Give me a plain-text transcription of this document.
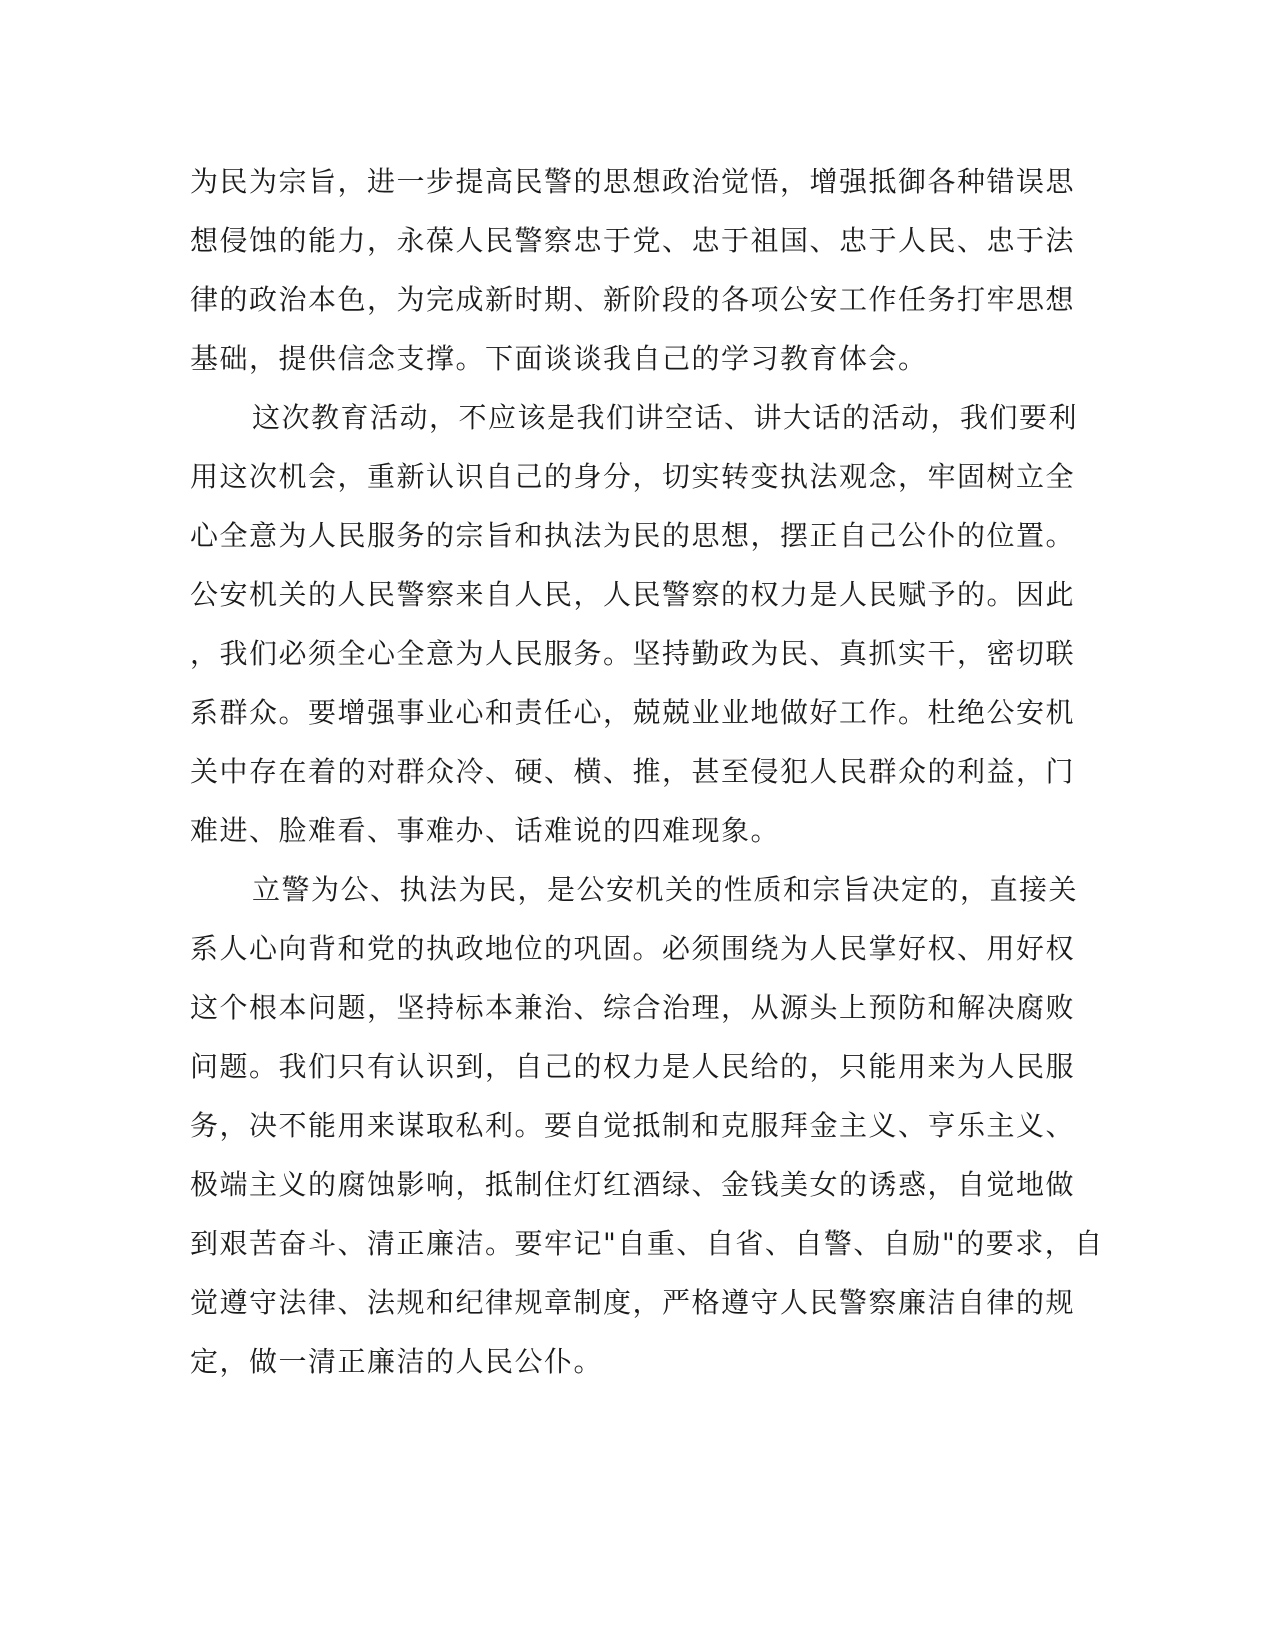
为民为宗旨，进一步提高民警的思想政治觉悟，增强抵御各种错误思
想侵蚀的能力，永葆人民警察忠于党、忠于祖国、忠于人民、忠于法
律的政治本色，为完成新时期、新阶段的各项公安工作任务打牢思想
基础，提供信念支撑。下面谈谈我自己的学习教育体会。
这次教育活动，不应该是我们讲空话、讲大话的活动，我们要利
用这次机会，重新认识自己的身分，切实转变执法观念，牢固树立全
心全意为人民服务的宗旨和执法为民的思想，摆正自己公仆的位置。
公安机关的人民警察来自人民，人民警察的权力是人民赋予的。因此
，我们必须全心全意为人民服务。坚持勤政为民、真抓实干，密切联
系群众。要增强事业心和责任心，兢兢业业地做好工作。杜绝公安机
关中存在着的对群众冷、硬、横、推，甚至侵犯人民群众的利益，门
难进、脸难看、事难办、话难说的四难现象。
立警为公、执法为民，是公安机关的性质和宗旨决定的，直接关
系人心向背和党的执政地位的巩固。必须围绕为人民掌好权、用好权
这个根本问题，坚持标本兼治、综合治理，从源头上预防和解决腐败
问题。我们只有认识到，自己的权力是人民给的，只能用来为人民服
务，决不能用来谋取私利。要自觉抵制和克服拜金主义、亨乐主义、
极端主义的腐蚀影响，抵制住灯红酒绿、金钱美女的诱惑，自觉地做
到艰苦奋斗、清正廉洁。要牢记"自重、自省、自警、自励"的要求，自
觉遵守法律、法规和纪律规章制度，严格遵守人民警察廉洁自律的规
定，做一清正廉洁的人民公仆。
